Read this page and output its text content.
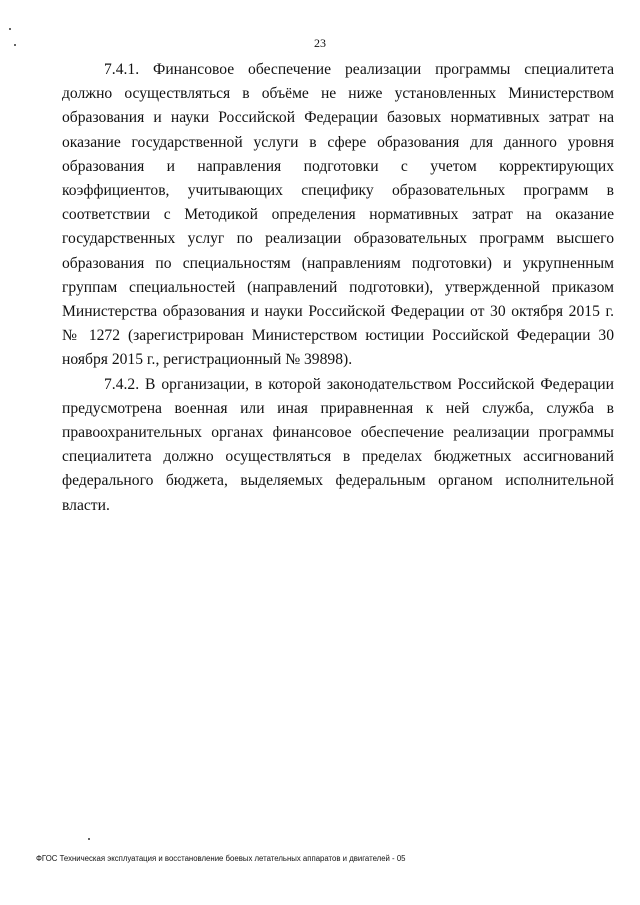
23

7.4.1. Финансовое обеспечение реализации программы специалитета должно осуществляться в объёме не ниже установленных Министерством образования и науки Российской Федерации базовых нормативных затрат на оказание государственной услуги в сфере образования для данного уровня образования и направления подготовки с учетом корректирующих коэффициентов, учитывающих специфику образовательных программ в соответствии с Методикой определения нормативных затрат на оказание государственных услуг по реализации образовательных программ высшего образования по специальностям (направлениям подготовки) и укрупненным группам специальностей (направлений подготовки), утвержденной приказом Министерства образования и науки Российской Федерации от 30 октября 2015 г. № 1272 (зарегистрирован Министерством юстиции Российской Федерации 30 ноября 2015 г., регистрационный № 39898).

7.4.2. В организации, в которой законодательством Российской Федерации предусмотрена военная или иная приравненная к ней служба, служба в правоохранительных органах финансовое обеспечение реализации программы специалитета должно осуществляться в пределах бюджетных ассигнований федерального бюджета, выделяемых федеральным органом исполнительной власти.

ФГОС Техническая эксплуатация и восстановление боевых летательных аппаратов и двигателей - 05
